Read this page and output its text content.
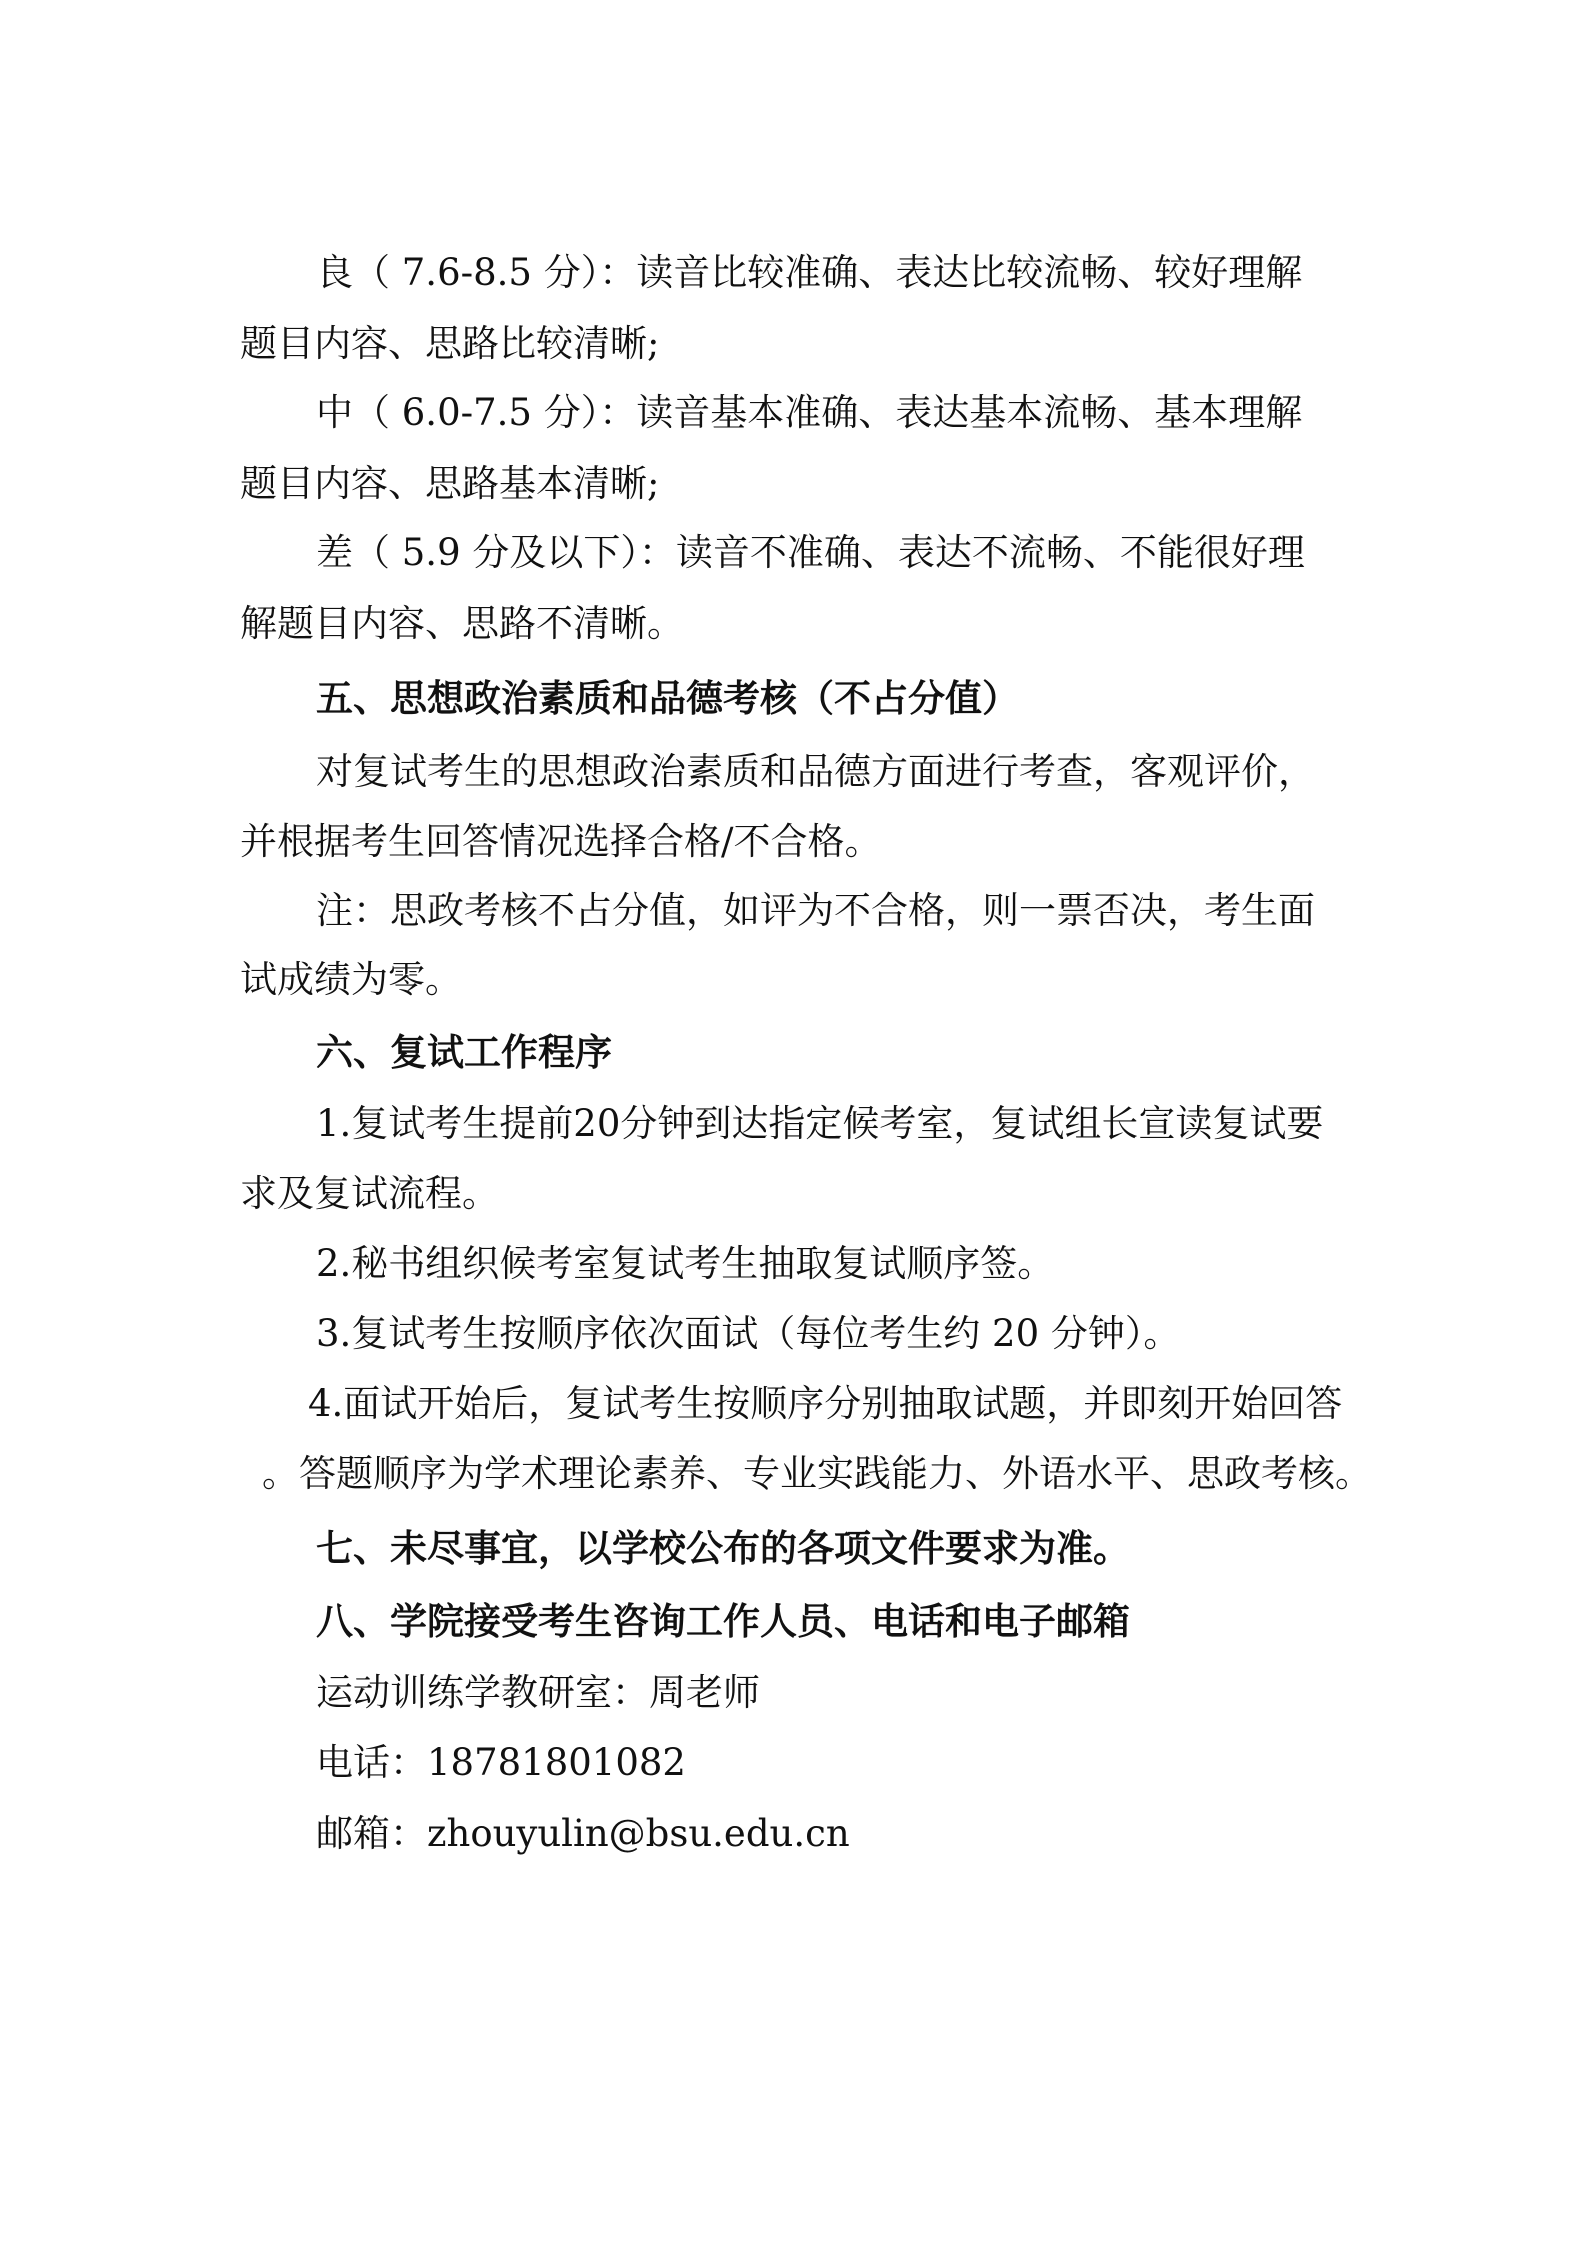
良（ 7.6-8.5 分）：读音比较准确、表达比较流畅、较好理解
题目内容、思路比较清晰;
中（ 6.0-7.5 分）：读音基本准确、表达基本流畅、基本理解
题目内容、思路基本清晰;
差（ 5.9 分及以下）：读音不准确、表达不流畅、不能很好理
解题目内容、思路不清晰。
五、思想政治素质和品德考核（不占分值）
对复试考生的思想政治素质和品德方面进行考查，客观评价，
并根据考生回答情况选择合格/不合格。
注：思政考核不占分值，如评为不合格，则一票否决，考生面
试成绩为零。
六、复试工作程序
1.复试考生提前20分钟到达指定候考室，复试组长宣读复试要
求及复试流程。
2.秘书组织候考室复试考生抽取复试顺序签。
3.复试考生按顺序依次面试（每位考生约 20 分钟）。
4.面试开始后，复试考生按顺序分别抽取试题，并即刻开始回答
。答题顺序为学术理论素养、专业实践能力、外语水平、思政考核。
七、未尽事宜，以学校公布的各项文件要求为准。
八、学院接受考生咨询工作人员、电话和电子邮箱
运动训练学教研室：周老师
电话：18781801082
邮箱：zhouyulin@bsu.edu.cn
